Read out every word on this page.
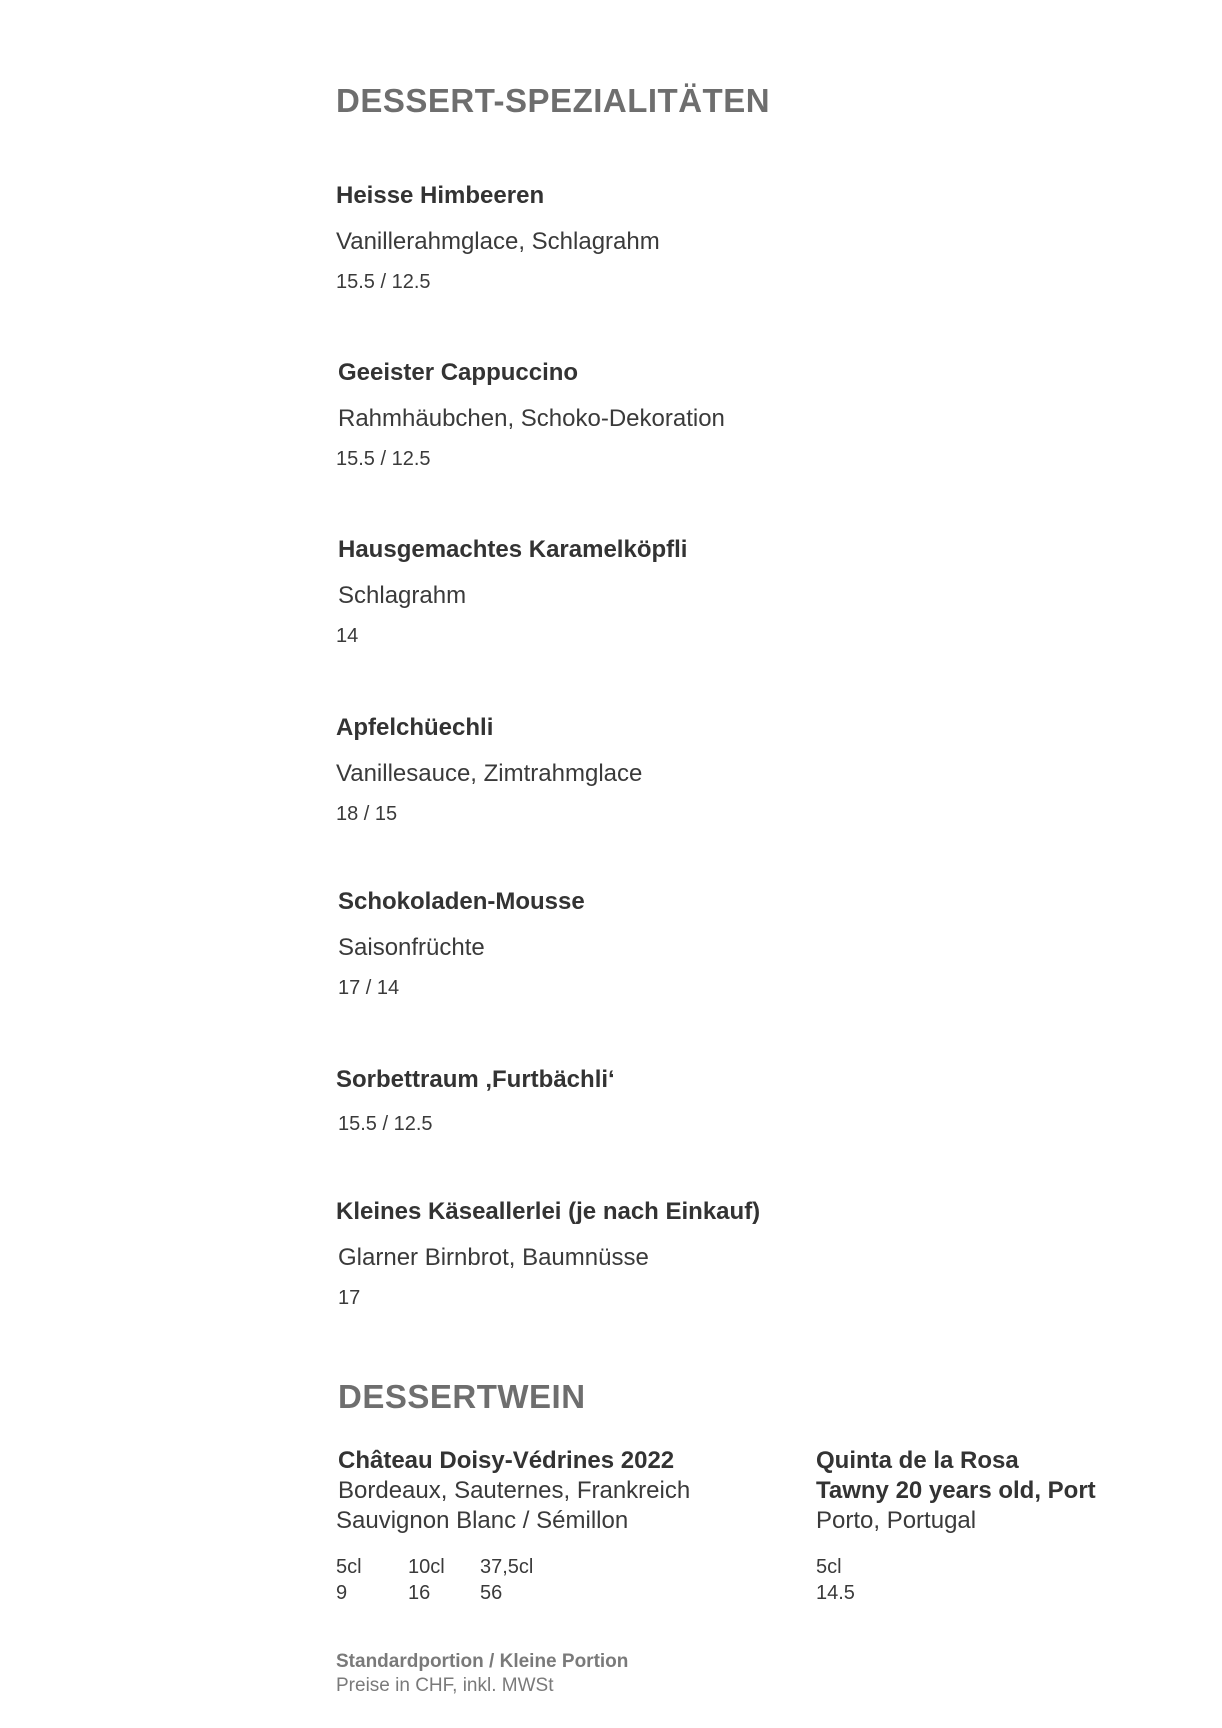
DESSERT-SPEZIALITÄTEN
Heisse Himbeeren
Vanillerahmglace, Schlagrahm
15.5 / 12.5
Geeister Cappuccino
Rahmhäubchen, Schoko-Dekoration
15.5 / 12.5
Hausgemachtes Karamelköpfli
Schlagrahm
14
Apfelchüechli
Vanillesauce, Zimtrahmglace
18 / 15
Schokoladen-Mousse
Saisonfrüchte
17 / 14
Sorbettraum ‚Furtbächli‘
15.5 / 12.5
Kleines Käseallerlei (je nach Einkauf)
Glarner Birnbrot, Baumnüsse
17
DESSERTWEIN
Château Doisy-Védrines 2022
Bordeaux, Sauternes, Frankreich
Sauvignon Blanc / Sémillon
5cl	10cl	37,5cl
9	16	56
Quinta de la Rosa
Tawny 20 years old, Port
Porto, Portugal
5cl
14.5
Standardportion / Kleine Portion
Preise in CHF, inkl. MWSt
